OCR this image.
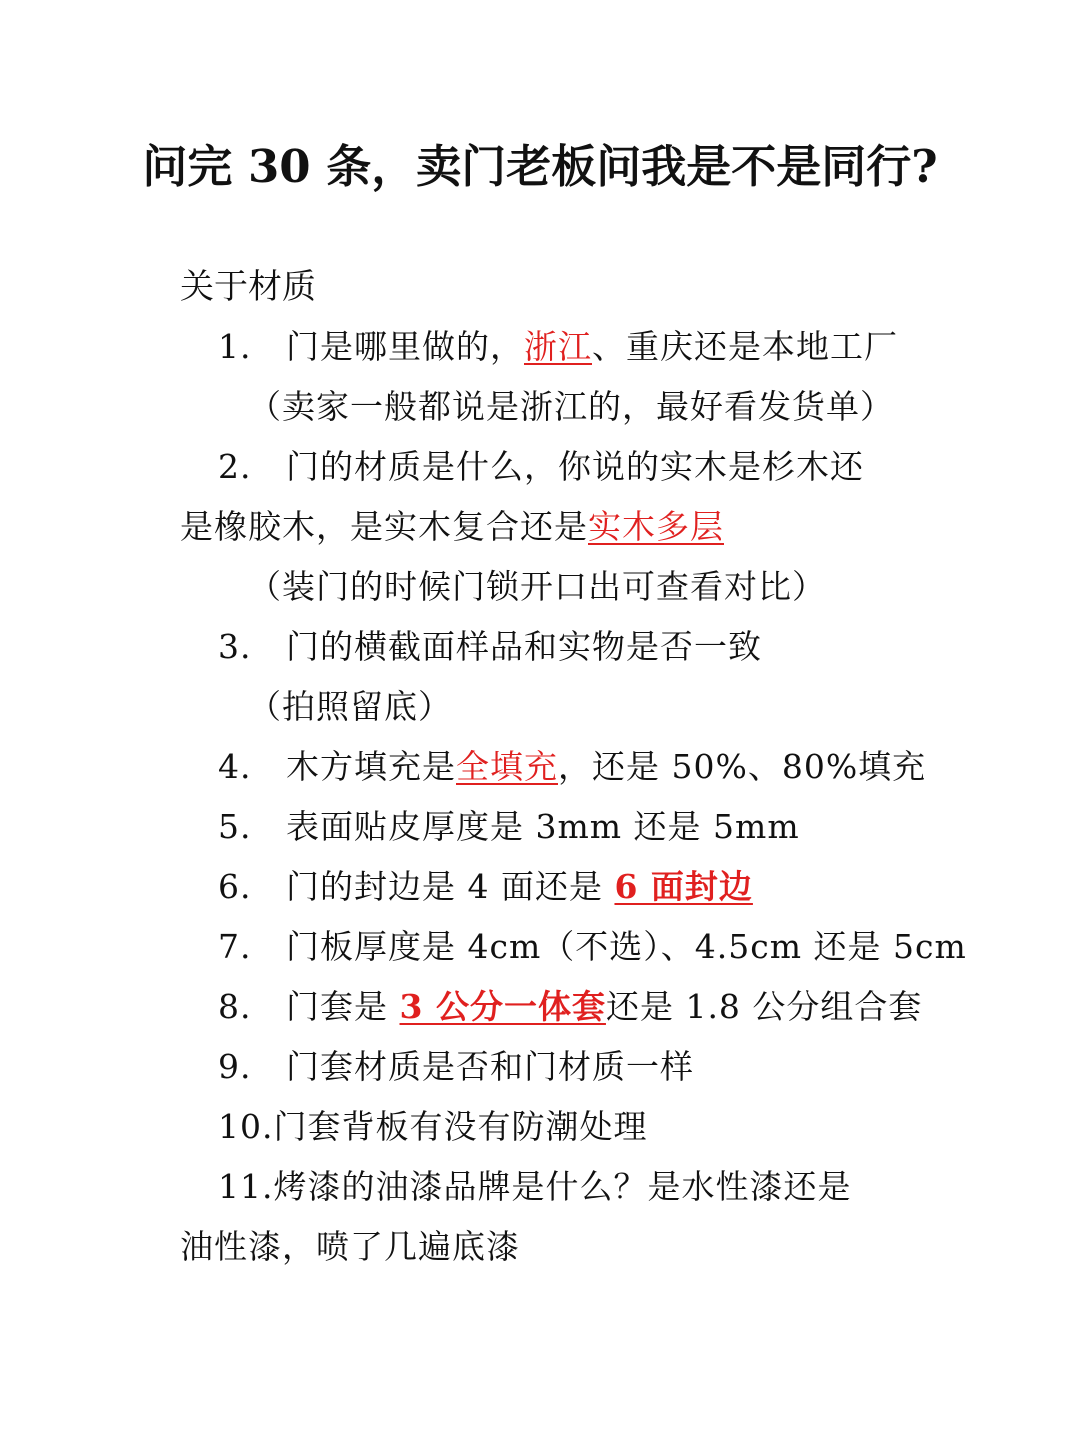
问完 30 条，卖门老板问我是不是同行?
关于材质
1. 门是哪里做的，浙江、重庆还是本地工厂
（卖家一般都说是浙江的，最好看发货单）
2. 门的材质是什么，你说的实木是杉木还
是橡胶木，是实木复合还是实木多层
（装门的时候门锁开口出可查看对比）
3. 门的横截面样品和实物是否一致
（拍照留底）
4. 木方填充是全填充，还是 50%、80%填充
5. 表面贴皮厚度是 3mm 还是 5mm
6. 门的封边是 4 面还是 6 面封边
7. 门板厚度是 4cm（不选）、4.5cm 还是 5cm
8. 门套是 3 公分一体套还是 1.8 公分组合套
9. 门套材质是否和门材质一样
10.门套背板有没有防潮处理
11.烤漆的油漆品牌是什么？是水性漆还是
油性漆，喷了几遍底漆
